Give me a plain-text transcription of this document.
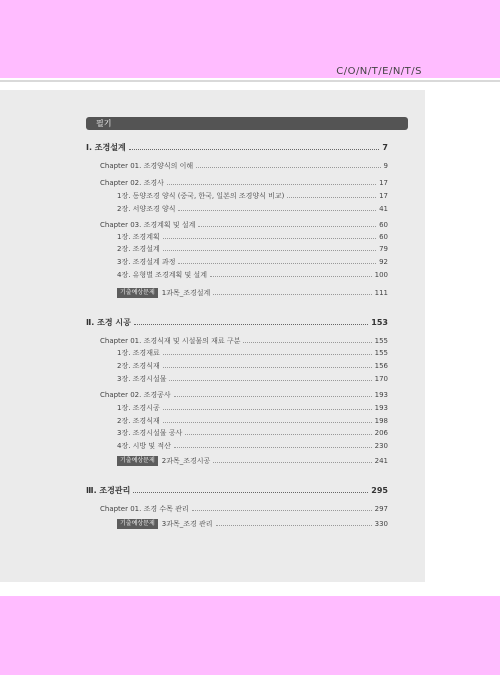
C/O/N/T/E/N/T/S
필기
Ⅰ. 조경설계	7
Chapter 01. 조경양식의 이해	9
Chapter 02. 조경사	17
1장. 동양조경 양식 (중국, 한국, 일본의 조경양식 비교)	17
2장. 서양조경 양식	41
Chapter 03. 조경계획 및 설계	60
1장. 조경계획	60
2장. 조경설계	79
3장. 조경설계 과정	92
4장. 유형별 조경계획 및 설계	100
기출예상문제	1과목_조경설계	111
Ⅱ. 조경 시공	153
Chapter 01. 조경식재 및 시설물의 재료 구분	155
1장. 조경재료	155
2장. 조경식재	156
3장. 조경시설물	170
Chapter 02. 조경공사	193
1장. 조경시공	193
2장. 조경식재	198
3장. 조경시설물 공사	206
4장. 시방 및 적산	230
기출예상문제	2과목_조경시공	241
Ⅲ. 조경관리	295
Chapter 01. 조경 수목 관리	297
기출예상문제	3과목_조경 관리	330
